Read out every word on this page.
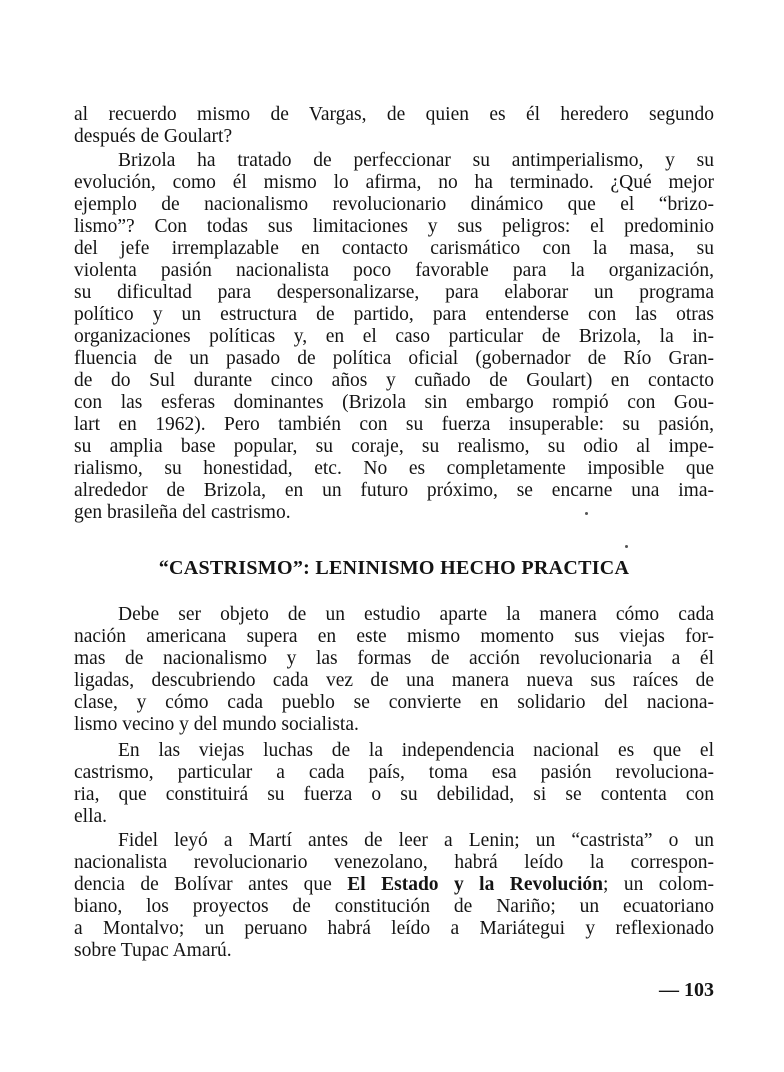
al recuerdo mismo de Vargas, de quien es él heredero segundo
después de Goulart?
Brizola ha tratado de perfeccionar su antimperialismo, y su
evolución, como él mismo lo afirma, no ha terminado. ¿Qué mejor
ejemplo de nacionalismo revolucionario dinámico que el “brizo-
lismo”? Con todas sus limitaciones y sus peligros: el predominio
del jefe irremplazable en contacto carismático con la masa, su
violenta pasión nacionalista poco favorable para la organización,
su dificultad para despersonalizarse, para elaborar un programa
político y un estructura de partido, para entenderse con las otras
organizaciones políticas y, en el caso particular de Brizola, la in-
fluencia de un pasado de política oficial (gobernador de Río Gran-
de do Sul durante cinco años y cuñado de Goulart) en contacto
con las esferas dominantes (Brizola sin embargo rompió con Gou-
lart en 1962). Pero también con su fuerza insuperable: su pasión,
su amplia base popular, su coraje, su realismo, su odio al impe-
rialismo, su honestidad, etc. No es completamente imposible que
alrededor de Brizola, en un futuro próximo, se encarne una ima-
gen brasileña del castrismo.
“CASTRISMO”: LENINISMO HECHO PRACTICA
Debe ser objeto de un estudio aparte la manera cómo cada
nación americana supera en este mismo momento sus viejas for-
mas de nacionalismo y las formas de acción revolucionaria a él
ligadas, descubriendo cada vez de una manera nueva sus raíces de
clase, y cómo cada pueblo se convierte en solidario del naciona-
lismo vecino y del mundo socialista.
En las viejas luchas de la independencia nacional es que el
castrismo, particular a cada país, toma esa pasión revoluciona-
ria, que constituirá su fuerza o su debilidad, si se contenta con
ella.
Fidel leyó a Martí antes de leer a Lenin; un “castrista” o un
nacionalista revolucionario venezolano, habrá leído la correspon-
dencia de Bolívar antes que El Estado y la Revolución; un colom-
biano, los proyectos de constitución de Nariño; un ecuatoriano
a Montalvo; un peruano habrá leído a Mariátegui y reflexionado
sobre Tupac Amarú.
— 103
